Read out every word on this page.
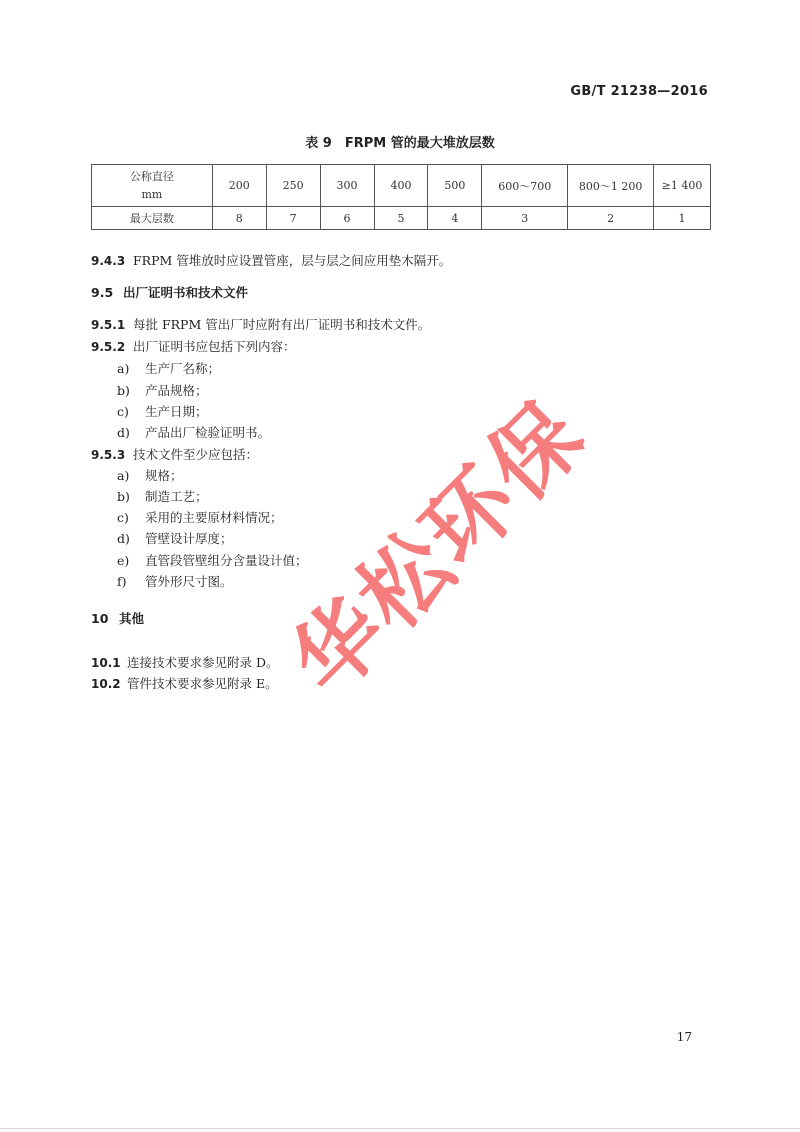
GB/T 21238—2016
表 9　FRPM 管的最大堆放层数
公称直径
mm	200	250	300	400	500	600～700	800～1 200	≥1 400
最大层数	8	7	6	5	4	3	2	1
9.4.3 FRPM 管堆放时应设置管座，层与层之间应用垫木隔开。
9.5 出厂证明书和技术文件
9.5.1 每批 FRPM 管出厂时应附有出厂证明书和技术文件。
9.5.2 出厂证明书应包括下列内容：
a) 生产厂名称；
b) 产品规格；
c) 生产日期；
d) 产品出厂检验证明书。
9.5.3 技术文件至少应包括：
a) 规格；
b) 制造工艺；
c) 采用的主要原材料情况；
d) 管壁设计厚度；
e) 直管段管壁组分含量设计值；
f) 管外形尺寸图。
10 其他
10.1 连接技术要求参见附录 D。
10.2 管件技术要求参见附录 E。
华松环保
17
